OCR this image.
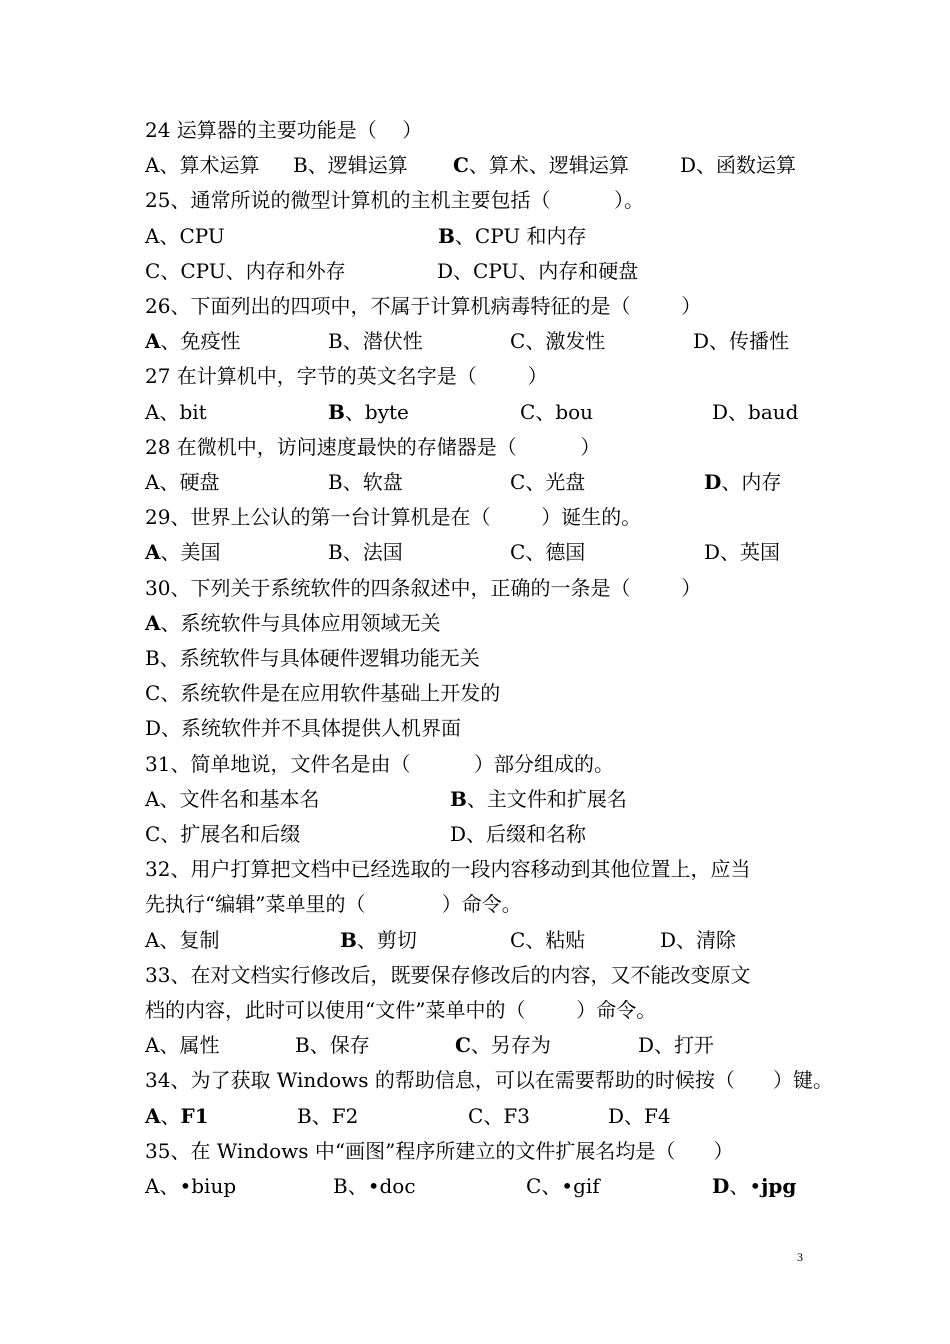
24 运算器的主要功能是（    ）
A、算术运算 B、逻辑运算 C、算术、逻辑运算	D、函数运算
25、通常所说的微型计算机的主机主要包括（          ）。
A、CPU	B、CPU 和内存
C、CPU、内存和外存	D、CPU、内存和硬盘
26、下面列出的四项中，不属于计算机病毒特征的是（        ）
A、免疫性	B、潜伏性	C、激发性	D、传播性
27 在计算机中，字节的英文名字是（        ）
A、bit	B、byte	C、bou	D、baud
28 在微机中，访问速度最快的存储器是（          ）
A、硬盘	B、软盘	C、光盘	D、内存
29、世界上公认的第一台计算机是在（        ）诞生的。
A、美国	B、法国	C、德国	D、英国
30、下列关于系统软件的四条叙述中，正确的一条是（        ）
A、系统软件与具体应用领域无关
B、系统软件与具体硬件逻辑功能无关
C、系统软件是在应用软件基础上开发的
D、系统软件并不具体提供人机界面
31、简单地说，文件名是由（          ）部分组成的。
A、文件名和基本名	B、主文件和扩展名
C、扩展名和后缀	D、后缀和名称
32、用户打算把文档中已经选取的一段内容移动到其他位置上，应当
先执行“编辑”菜单里的（            ）命令。
A、复制	B、剪切	C、粘贴	D、清除
33、在对文档实行修改后，既要保存修改后的内容，又不能改变原文
档的内容，此时可以使用“文件”菜单中的（        ）命令。
A、属性	B、保存	C、另存为	D、打开
34、为了获取 Windows 的帮助信息，可以在需要帮助的时候按（      ）键。
A、F1	B、F2	C、F3	D、F4
35、在 Windows 中“画图”程序所建立的文件扩展名均是（      ）
A、•biup	B、•doc	C、•gif	D、•jpg
3
